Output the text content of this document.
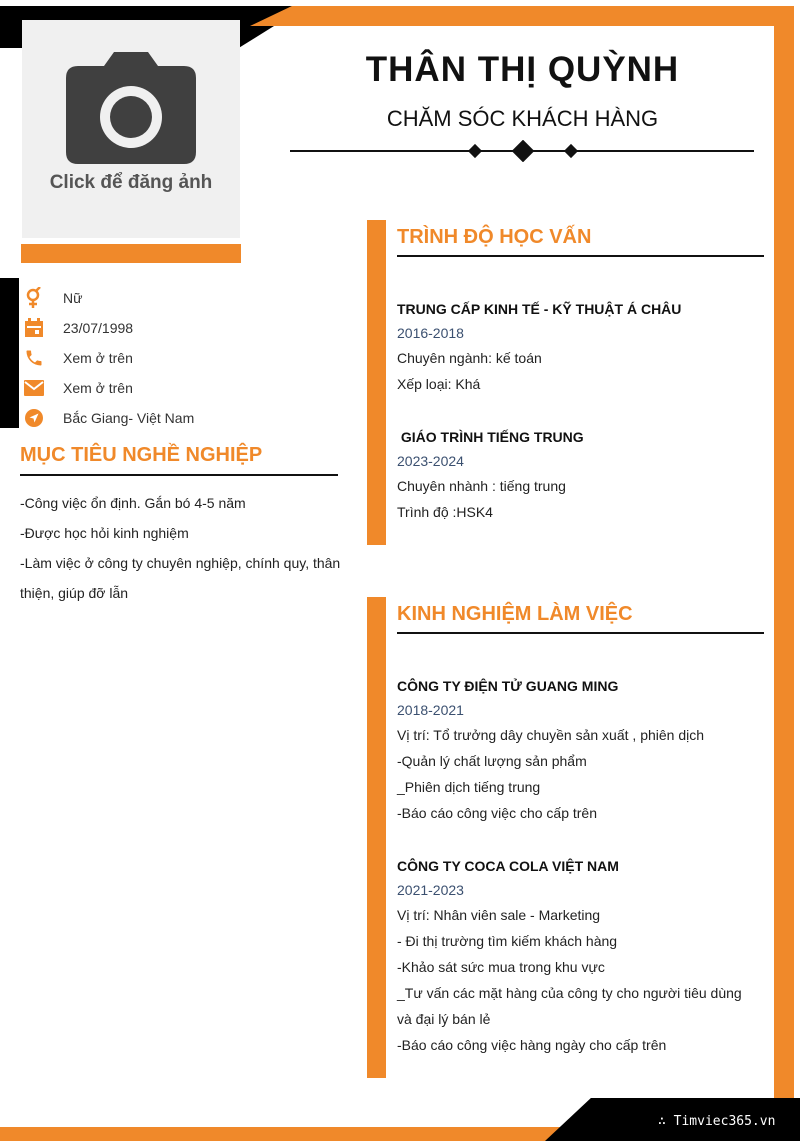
∴ Timviec365.vn
Click để đăng ảnh
Nữ
23/07/1998
Xem ở trên
Xem ở trên
Bắc Giang- Việt Nam
MỤC TIÊU NGHỀ NGHIỆP
-Công việc ổn định. Gắn bó 4-5 năm
-Được học hỏi kinh nghiệm
-Làm việc ở công ty chuyên nghiệp, chính quy, thân thiện, giúp đỡ lẫn
THÂN THỊ QUỲNH
CHĂM SÓC KHÁCH HÀNG
TRÌNH ĐỘ HỌC VẤN
TRUNG CẤP KINH TẾ - KỸ THUẬT Á CHÂU
2016-2018
Chuyên ngành: kế toán
Xếp loại: Khá
GIÁO TRÌNH TIẾNG TRUNG
2023-2024
Chuyên nhành : tiếng trung
Trình độ :HSK4
KINH NGHIỆM LÀM VIỆC
CÔNG TY ĐIỆN TỬ GUANG MING
2018-2021
Vị trí: Tổ trưởng dây chuyền sản xuất , phiên dịch
-Quản lý chất lượng sản phẩm
_Phiên dịch tiếng trung
-Báo cáo công việc cho cấp trên
CÔNG TY COCA COLA VIỆT NAM
2021-2023
Vị trí: Nhân viên sale - Marketing
- Đi thị trường tìm kiếm khách hàng
-Khảo sát sức mua trong khu vực
_Tư vấn các mặt hàng của công ty cho người tiêu dùng và đại lý bán lẻ
-Báo cáo công việc hàng ngày cho cấp trên
